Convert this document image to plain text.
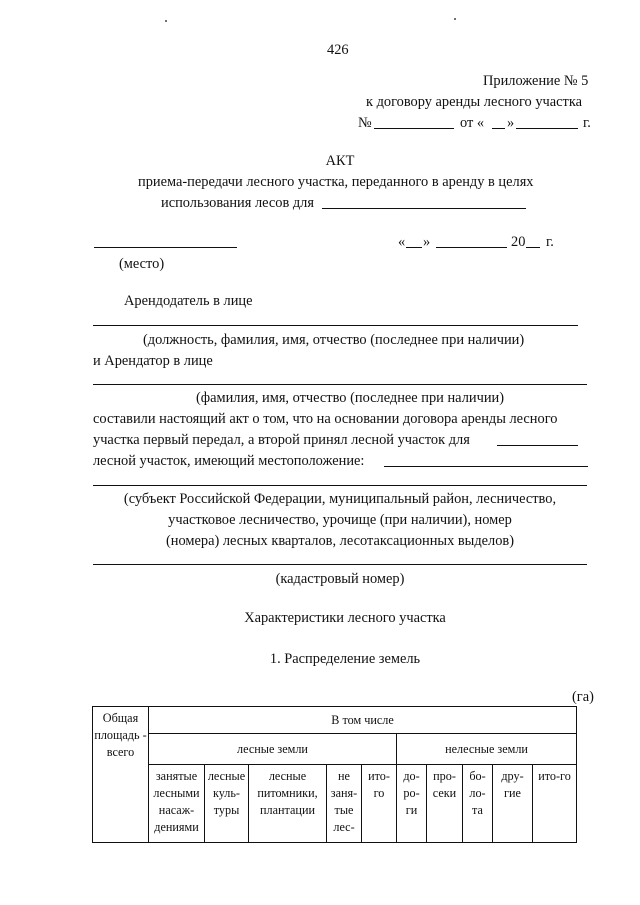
426
Приложение № 5
к договору аренды лесного участка
№	от « »	г.
АКТ
приема-передачи лесного участка, переданного в аренду в целях
использования лесов для
« »	20 г.
(место)
Арендодатель в лице
(должность, фамилия, имя, отчество (последнее при наличии)
и Арендатор в лице
(фамилия, имя, отчество (последнее при наличии)
составили настоящий акт о том, что на основании договора аренды лесного
участка первый передал, а второй принял лесной участок для
лесной участок, имеющий местоположение:
(субъект Российской Федерации, муниципальный район, лесничество,
участковое лесничество, урочище (при наличии), номер
(номера) лесных кварталов, лесотаксационных выделов)
(кадастровый номер)
Характеристики лесного участка
1. Распределение земель
(га)
Общая площадь - всего	В том числе									
	лесные земли					нелесные земли				
	занятые лесными насаж-дениями	лесные куль-туры	лесные питомники, плантации	не заня-тые лес-	ито-го	до-ро-ги	про-секи	бо-ло-та	дру-гие	ито-го
